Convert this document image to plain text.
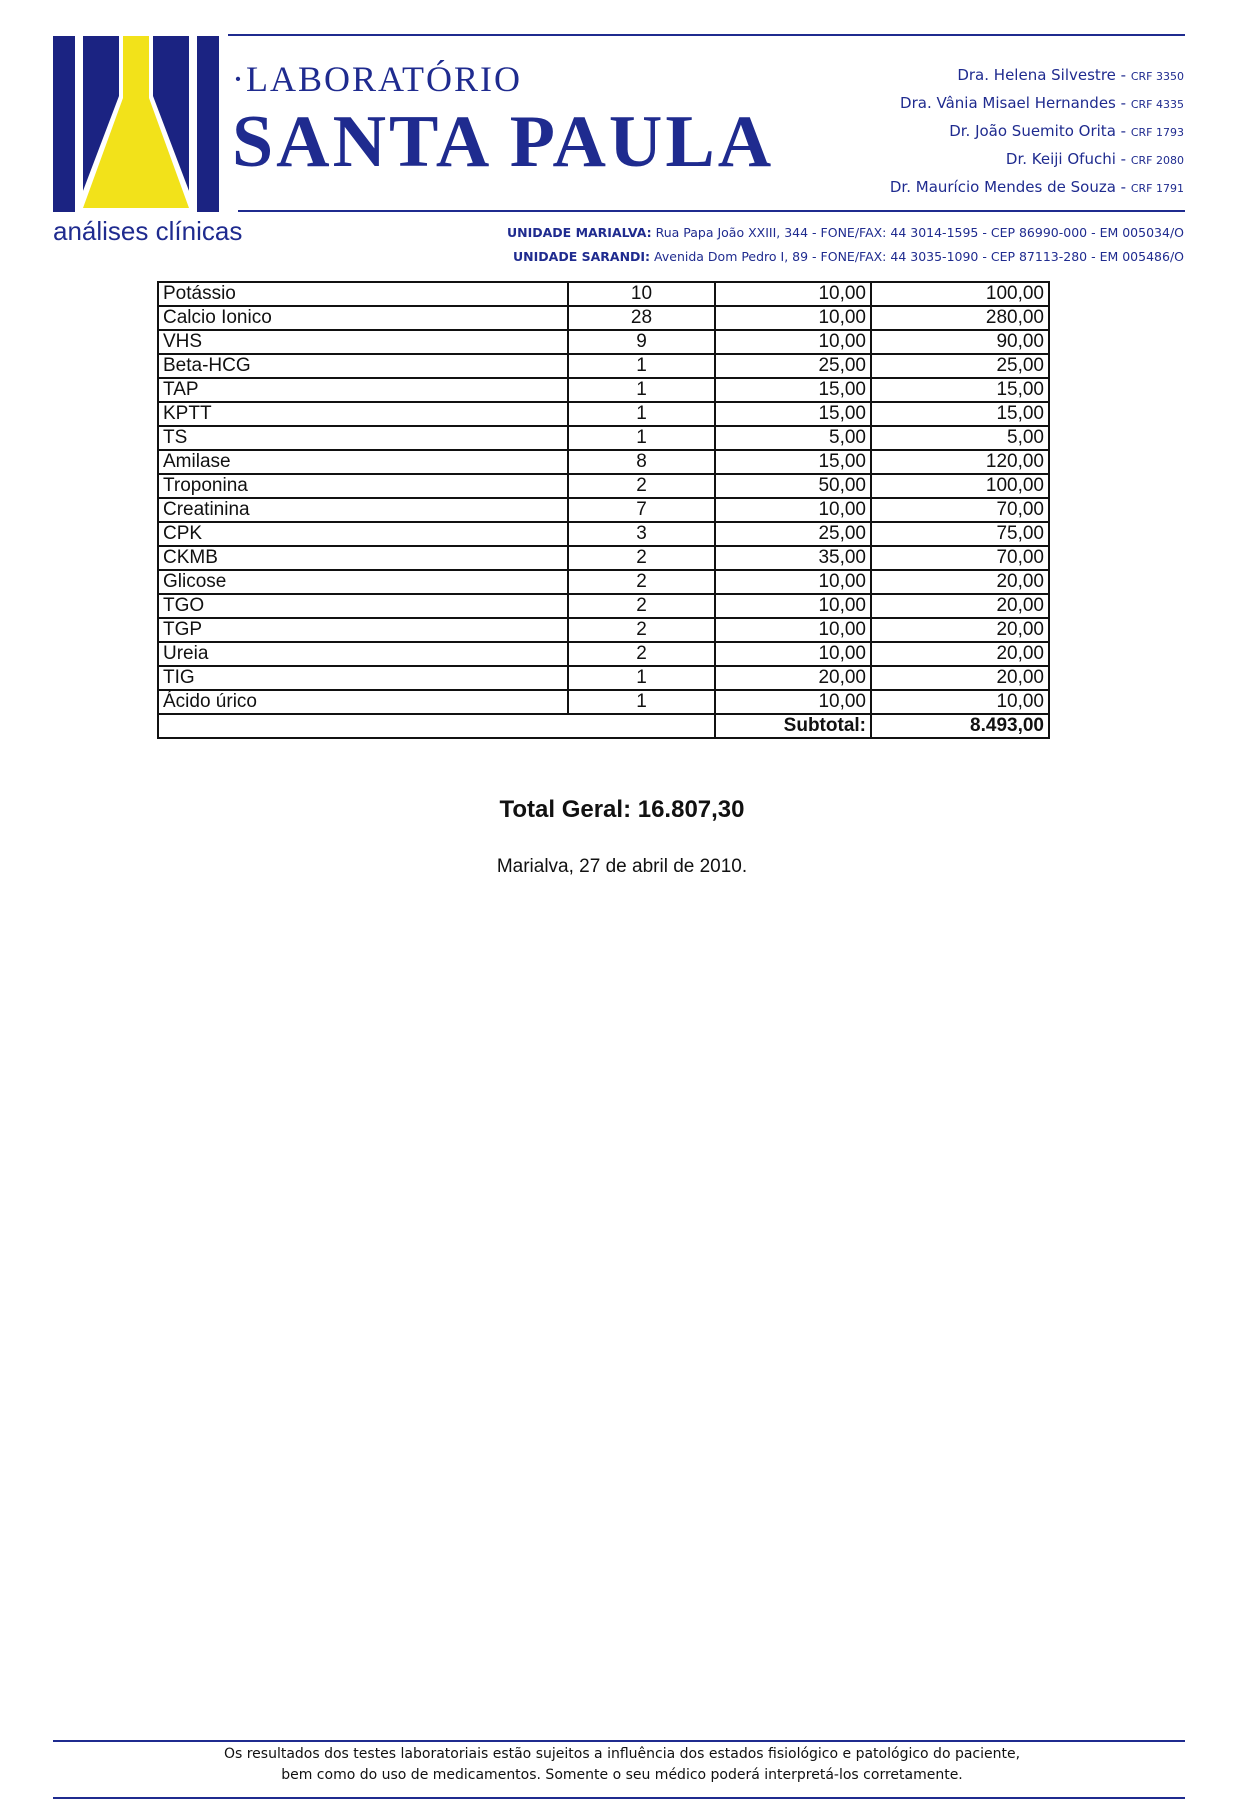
·LABORATÓRIO
SANTA PAULA
análises clínicas
Dra. Helena Silvestre - CRF 3350
Dra. Vânia Misael Hernandes - CRF 4335
Dr. João Suemito Orita - CRF 1793
Dr. Keiji Ofuchi - CRF 2080
Dr. Maurício Mendes de Souza - CRF 1791
UNIDADE MARIALVA: Rua Papa João XXIII, 344 - FONE/FAX: 44 3014-1595 - CEP 86990-000 - EM 005034/O
UNIDADE SARANDI: Avenida Dom Pedro I, 89 - FONE/FAX: 44 3035-1090 - CEP 87113-280 - EM 005486/O
Potássio	10	10,00	100,00
Calcio Ionico	28	10,00	280,00
VHS	9	10,00	90,00
Beta-HCG	1	25,00	25,00
TAP	1	15,00	15,00
KPTT	1	15,00	15,00
TS	1	5,00	5,00
Amilase	8	15,00	120,00
Troponina	2	50,00	100,00
Creatinina	7	10,00	70,00
CPK	3	25,00	75,00
CKMB	2	35,00	70,00
Glicose	2	10,00	20,00
TGO	2	10,00	20,00
TGP	2	10,00	20,00
Ureia	2	10,00	20,00
TIG	1	20,00	20,00
Ácido úrico	1	10,00	10,00
		Subtotal:	8.493,00
Total Geral: 16.807,30
Marialva, 27 de abril de 2010.
Os resultados dos testes laboratoriais estão sujeitos a influência dos estados fisiológico e patológico do paciente,
bem como do uso de medicamentos. Somente o seu médico poderá interpretá-los corretamente.
